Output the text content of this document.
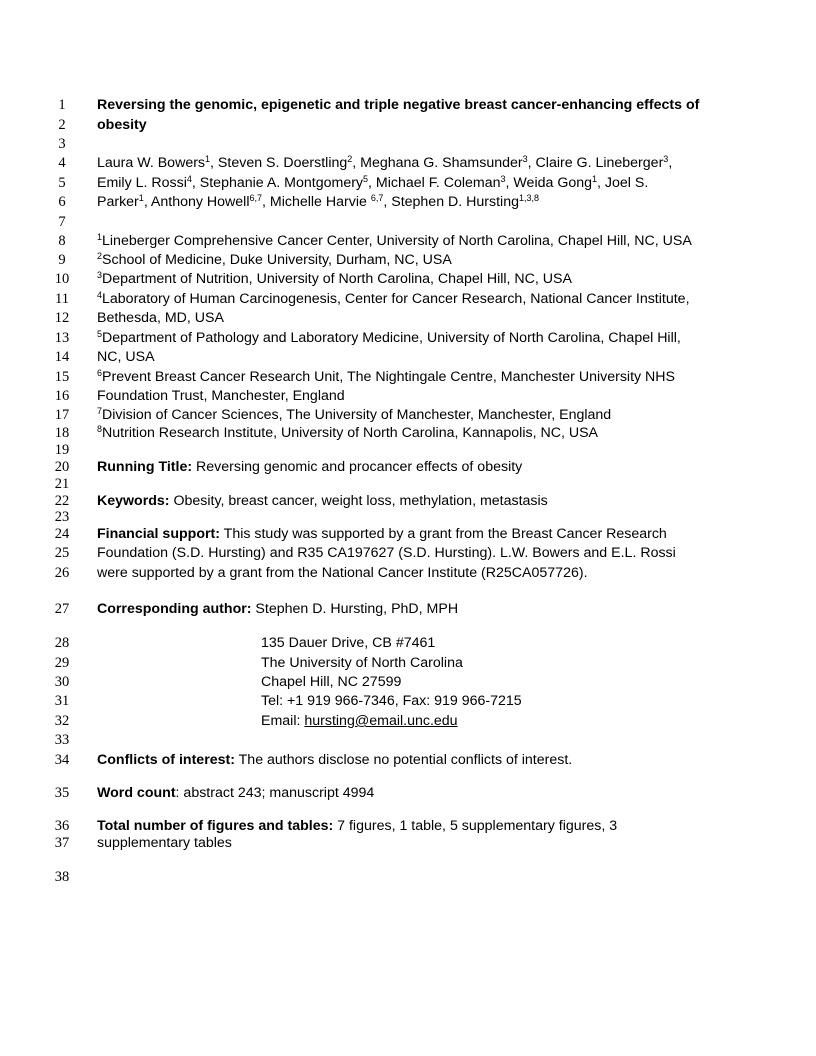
1
2
3
4
5
6
7
8
9
10
11
12
13
14
15
16
17
18
19
20
21
22
23
24
25
26
27
28
29
30
31
32
33
34
35
36
37
38
Reversing the genomic, epigenetic and triple negative breast cancer-enhancing effects of
obesity
Laura W. Bowers$^1$, Steven S. Doerstling$^2$, Meghana G. Shamsunder$^3$, Claire G. Lineberger$^3$,
Emily L. Rossi$^4$, Stephanie A. Montgomery$^5$, Michael F. Coleman$^3$, Weida Gong$^1$, Joel S.
Parker$^1$, Anthony Howell$^{6,7}$, Michelle Harvie $^{6,7}$, Stephen D. Hursting$^{1,3,8}$
$^1$Lineberger Comprehensive Cancer Center, University of North Carolina, Chapel Hill, NC, USA
$^2$School of Medicine, Duke University, Durham, NC, USA
$^3$Department of Nutrition, University of North Carolina, Chapel Hill, NC, USA
$^4$Laboratory of Human Carcinogenesis, Center for Cancer Research, National Cancer Institute,
Bethesda, MD, USA
$^5$Department of Pathology and Laboratory Medicine, University of North Carolina, Chapel Hill,
NC, USA
$^6$Prevent Breast Cancer Research Unit, The Nightingale Centre, Manchester University NHS
Foundation Trust, Manchester, England
$^7$Division of Cancer Sciences, The University of Manchester, Manchester, England
$^8$Nutrition Research Institute, University of North Carolina, Kannapolis, NC, USA
Running Title: Reversing genomic and procancer effects of obesity
Keywords: Obesity, breast cancer, weight loss, methylation, metastasis
Financial support: This study was supported by a grant from the Breast Cancer Research
Foundation (S.D. Hursting) and R35 CA197627 (S.D. Hursting). L.W. Bowers and E.L. Rossi
were supported by a grant from the National Cancer Institute (R25CA057726).
Corresponding author: Stephen D. Hursting, PhD, MPH
135 Dauer Drive, CB #7461
The University of North Carolina
Chapel Hill, NC 27599
Tel: +1 919 966-7346, Fax: 919 966-7215
Email: hursting@email.unc.edu
Conflicts of interest: The authors disclose no potential conflicts of interest.
Word count: abstract 243; manuscript 4994
Total number of figures and tables: 7 figures, 1 table, 5 supplementary figures, 3
supplementary tables
